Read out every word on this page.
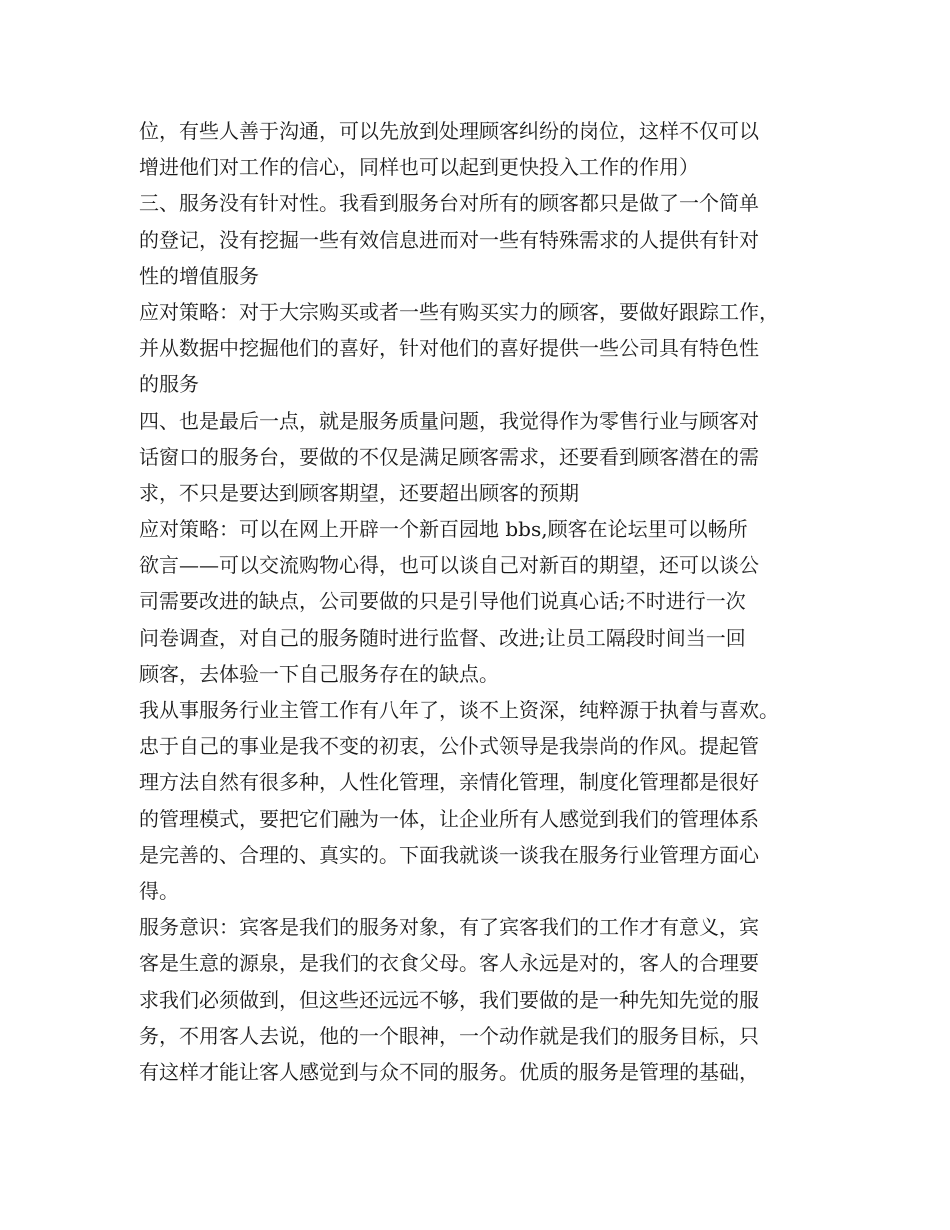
位，有些人善于沟通，可以先放到处理顾客纠纷的岗位，这样不仅可以
增进他们对工作的信心，同样也可以起到更快投入工作的作用）
三、服务没有针对性。我看到服务台对所有的顾客都只是做了一个简单
的登记，没有挖掘一些有效信息进而对一些有特殊需求的人提供有针对
性的增值服务
应对策略：对于大宗购买或者一些有购买实力的顾客，要做好跟踪工作，
并从数据中挖掘他们的喜好，针对他们的喜好提供一些公司具有特色性
的服务
四、也是最后一点，就是服务质量问题，我觉得作为零售行业与顾客对
话窗口的服务台，要做的不仅是满足顾客需求，还要看到顾客潜在的需
求，不只是要达到顾客期望，还要超出顾客的预期
应对策略：可以在网上开辟一个新百园地 bbs,顾客在论坛里可以畅所
欲言——可以交流购物心得，也可以谈自己对新百的期望，还可以谈公
司需要改进的缺点，公司要做的只是引导他们说真心话;不时进行一次
问卷调查，对自己的服务随时进行监督、改进;让员工隔段时间当一回
顾客，去体验一下自己服务存在的缺点。
我从事服务行业主管工作有八年了，谈不上资深，纯粹源于执着与喜欢。
忠于自己的事业是我不变的初衷，公仆式领导是我崇尚的作风。提起管
理方法自然有很多种，人性化管理，亲情化管理，制度化管理都是很好
的管理模式，要把它们融为一体，让企业所有人感觉到我们的管理体系
是完善的、合理的、真实的。下面我就谈一谈我在服务行业管理方面心
得。
服务意识：宾客是我们的服务对象，有了宾客我们的工作才有意义，宾
客是生意的源泉，是我们的衣食父母。客人永远是对的，客人的合理要
求我们必须做到，但这些还远远不够，我们要做的是一种先知先觉的服
务，不用客人去说，他的一个眼神，一个动作就是我们的服务目标，只
有这样才能让客人感觉到与众不同的服务。优质的服务是管理的基础，
